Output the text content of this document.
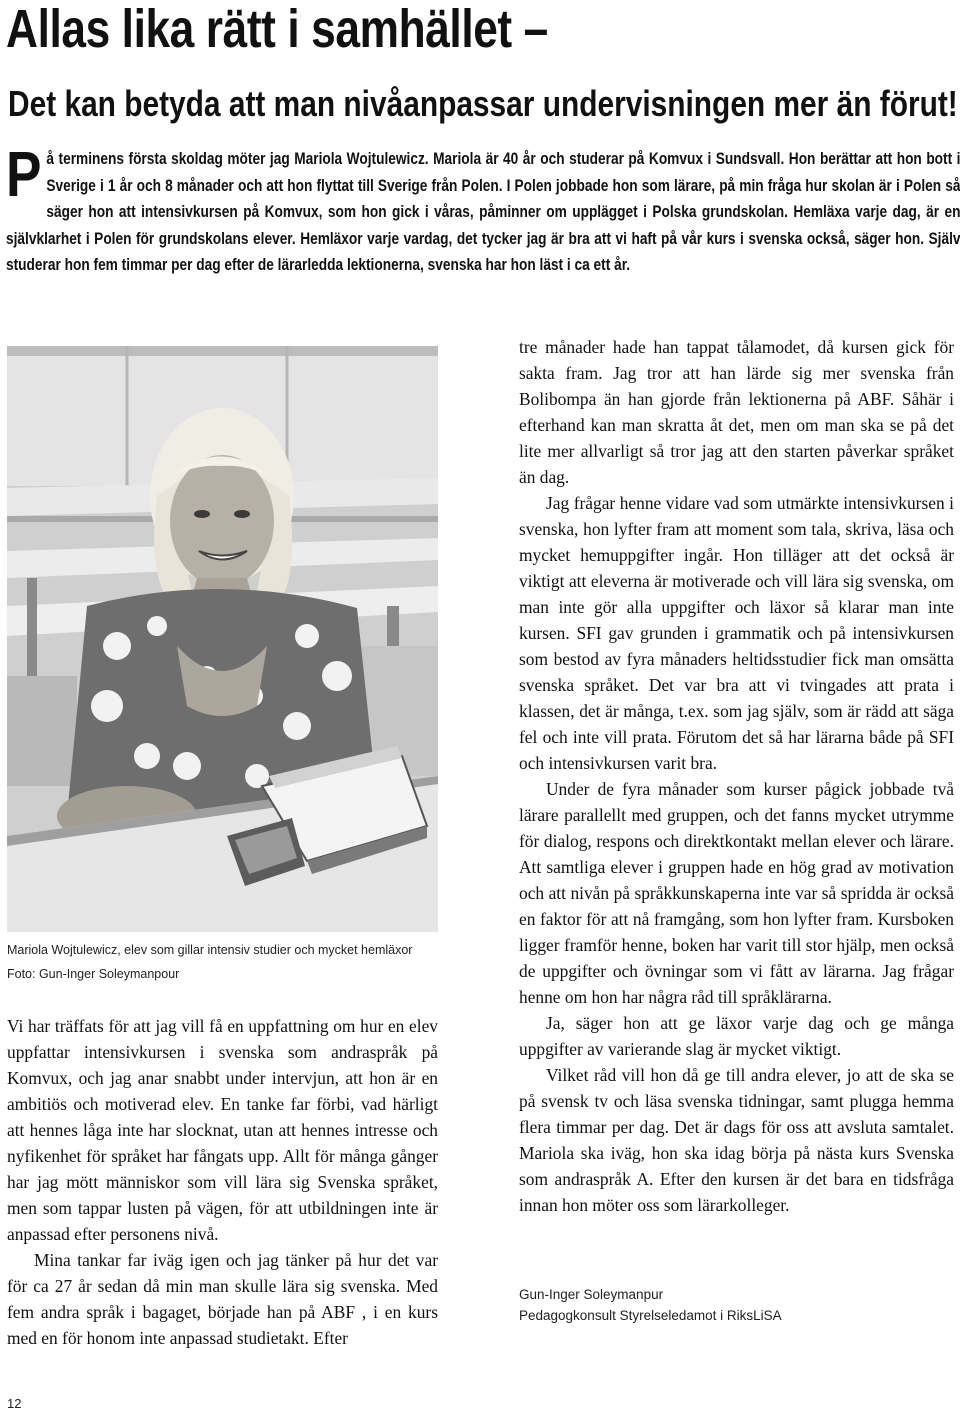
Allas lika rätt i samhället –
Det kan betyda att man nivåanpassar undervisningen mer än förut!
P å terminens första skoldag möter jag Mariola Wojtulewicz. Mariola är 40 år och studerar på Komvux i Sundsvall. Hon berättar att hon bott i Sverige i 1 år och 8 månader och att hon flyttat till Sverige från Polen. I Polen jobbade hon som lärare, på min fråga hur skolan är i Polen så säger hon att intensivkursen på Komvux, som hon gick i våras, påminner om upplägget i Polska grundskolan. Hemläxa varje dag, är en självklarhet i Polen för grundskolans elever. Hemläxor varje vardag, det tycker jag är bra att vi haft på vår kurs i svenska också, säger hon. Själv studerar hon fem timmar per dag efter de lärarledda lektionerna, svenska har hon läst i ca ett år.
Mariola Wojtulewicz, elev som gillar intensiv studier och mycket hemläxor
Foto: Gun-Inger Soleymanpour

Vi har träffats för att jag vill få en uppfattning om hur en elev uppfattar intensivkursen i svenska som andraspråk på Komvux, och jag anar snabbt under intervjun, att hon är en ambitiös och motiverad elev. En tanke far förbi, vad härligt att hennes låga inte har slocknat, utan att hennes intresse och nyfikenhet för språket har fångats upp. Allt för många gånger har jag mött människor som vill lära sig Svenska språket, men som tappar lusten på vägen, för att utbildningen inte är anpassad efter personens nivå.

Mina tankar far iväg igen och jag tänker på hur det var för ca 27 år sedan då min man skulle lära sig svenska. Med fem andra språk i bagaget, började han på ABF , i en kurs med en för honom inte anpassad studietakt. Efter

tre månader hade han tappat tålamodet, då kursen gick för sakta fram. Jag tror att han lärde sig mer svenska från Bolibompa än han gjorde från lektionerna på ABF. Såhär i efterhand kan man skratta åt det, men om man ska se på det lite mer allvarligt så tror jag att den starten påverkar språket än dag.

Jag frågar henne vidare vad som utmärkte intensivkursen i svenska, hon lyfter fram att moment som tala, skriva, läsa och mycket hemuppgifter ingår. Hon tilläger att det också är viktigt att eleverna är motiverade och vill lära sig svenska, om man inte gör alla uppgifter och läxor så klarar man inte kursen. SFI gav grunden i grammatik och på intensivkursen som bestod av fyra månaders heltidsstudier fick man omsätta svenska språket. Det var bra att vi tvingades att prata i klassen, det är många, t.ex. som jag själv, som är rädd att säga fel och inte vill prata. Förutom det så har lärarna både på SFI och intensivkursen varit bra.

Under de fyra månader som kurser pågick jobbade två lärare parallellt med gruppen, och det fanns mycket utrymme för dialog, respons och direktkontakt mellan elever och lärare. Att samtliga elever i gruppen hade en hög grad av motivation och att nivån på språkkunskaperna inte var så spridda är också en faktor för att nå framgång, som hon lyfter fram. Kursboken ligger framför henne, boken har varit till stor hjälp, men också de uppgifter och övningar som vi fått av lärarna. Jag frågar henne om hon har några råd till språklärarna.

Ja, säger hon att ge läxor varje dag och ge många uppgifter av varierande slag är mycket viktigt.

Vilket råd vill hon då ge till andra elever, jo att de ska se på svensk tv och läsa svenska tidningar, samt plugga hemma flera timmar per dag. Det är dags för oss att avsluta samtalet. Mariola ska iväg, hon ska idag börja på nästa kurs Svenska som andraspråk A. Efter den kursen är det bara en tidsfråga innan hon möter oss som lärarkolleger.

Gun-Inger Soleymanpur
Pedagogkonsult Styrelseledamot i RiksLiSA
12
